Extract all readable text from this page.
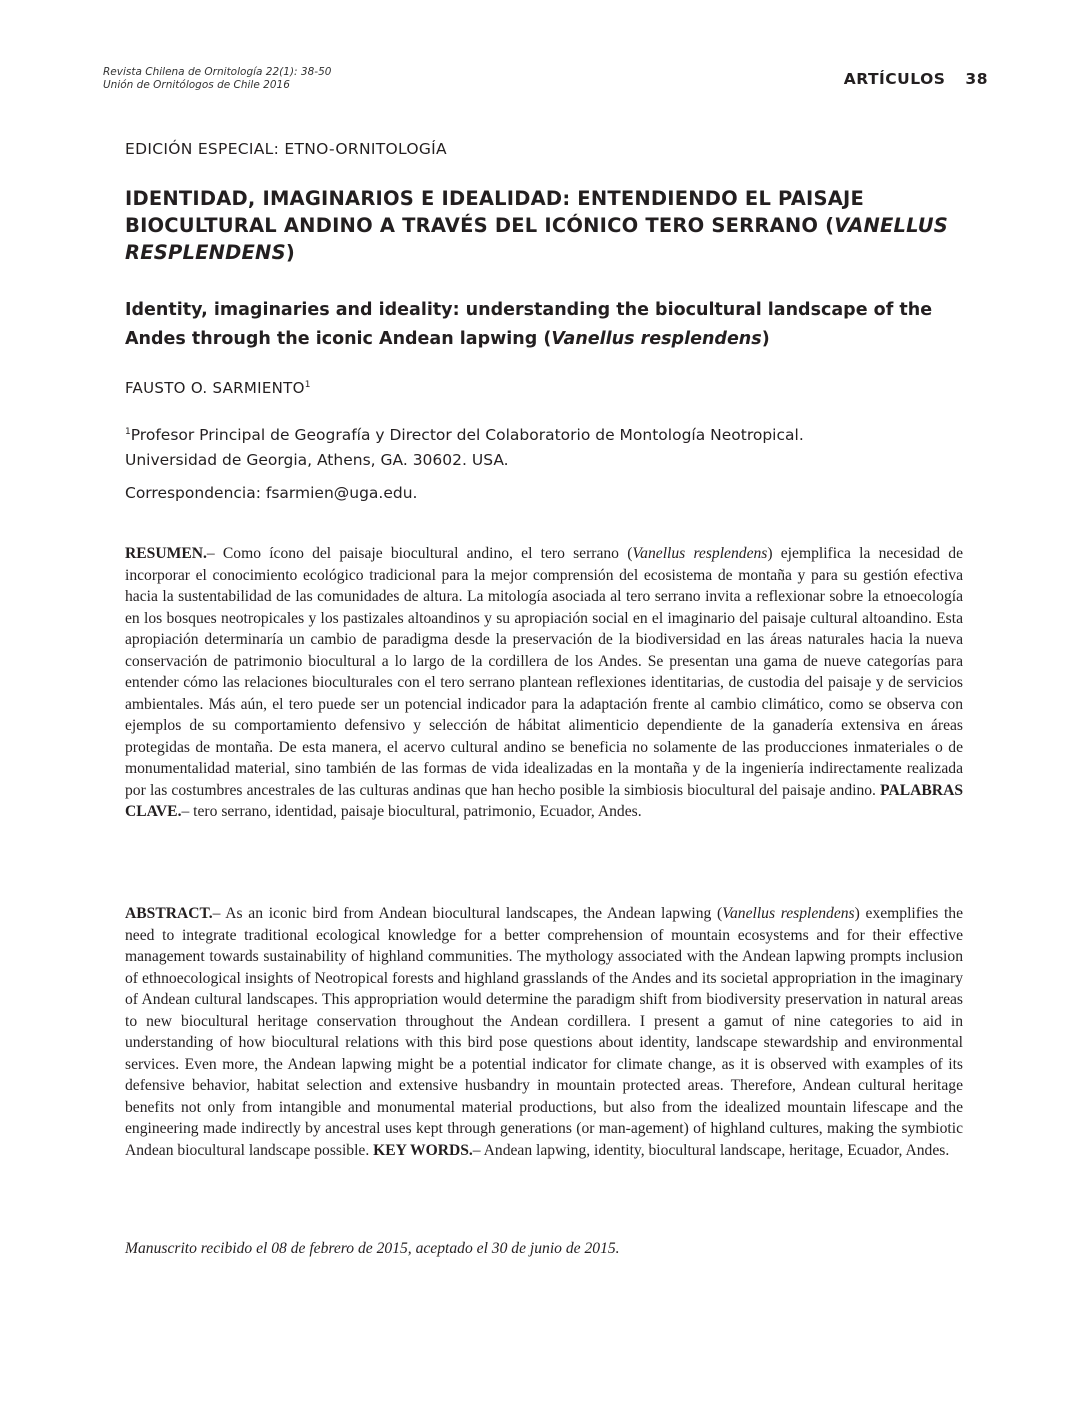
Revista Chilena de Ornitología 22(1): 38-50
Unión de Ornitólogos de Chile 2016	ARTÍCULOS 38
EDICIÓN ESPECIAL: ETNO-ORNITOLOGÍA
IDENTIDAD, IMAGINARIOS E IDEALIDAD: ENTENDIENDO EL PAISAJE BIOCULTURAL ANDINO A TRAVÉS DEL ICÓNICO TERO SERRANO (VANELLUS RESPLENDENS)
Identity, imaginaries and ideality: understanding the biocultural landscape of the Andes through the iconic Andean lapwing (Vanellus resplendens)
FAUSTO O. SARMIENTO$^1$
$^1$Profesor Principal de Geografía y Director del Colaboratorio de Montología Neotropical.
Universidad de Georgia, Athens, GA. 30602. USA.
Correspondencia: fsarmien@uga.edu.
RESUMEN.– Como ícono del paisaje biocultural andino, el tero serrano (Vanellus resplendens) ejemplifica la necesidad de incorporar el conocimiento ecológico tradicional para la mejor comprensión del ecosistema de montaña y para su gestión efectiva hacia la sustentabilidad de las comunidades de altura. La mitología asociada al tero serrano invita a reflexionar sobre la etnoecología en los bosques neotropicales y los pastizales altoandinos y su apropiación social en el imaginario del paisaje cultural altoandino. Esta apropiación determinaría un cambio de paradigma desde la preservación de la biodiversidad en las áreas naturales hacia la nueva conservación de patrimonio biocultural a lo largo de la cordillera de los Andes. Se presentan una gama de nueve categorías para entender cómo las relaciones bioculturales con el tero serrano plantean reflexiones identitarias, de custodia del paisaje y de servicios ambientales. Más aún, el tero puede ser un potencial indicador para la adaptación frente al cambio climático, como se observa con ejemplos de su comportamiento defensivo y selección de hábitat alimenticio dependiente de la ganadería extensiva en áreas protegidas de montaña. De esta manera, el acervo cultural andino se beneficia no solamente de las producciones inmateriales o de monumentalidad material, sino también de las formas de vida idealizadas en la montaña y de la ingeniería indirectamente realizada por las costumbres ancestrales de las culturas andinas que han hecho posible la simbiosis biocultural del paisaje andino. PALABRAS CLAVE.– tero serrano, identidad, paisaje biocultural, patrimonio, Ecuador, Andes.
ABSTRACT.– As an iconic bird from Andean biocultural landscapes, the Andean lapwing (Vanellus resplendens) exemplifies the need to integrate traditional ecological knowledge for a better comprehension of mountain ecosystems and for their effective management towards sustainability of highland communities. The mythology associated with the Andean lapwing prompts inclusion of ethnoecological insights of Neotropical forests and highland grasslands of the Andes and its societal appropriation in the imaginary of Andean cultural landscapes. This appropriation would determine the paradigm shift from biodiversity preservation in natural areas to new biocultural heritage conservation throughout the Andean cordillera. I present a gamut of nine categories to aid in understanding of how biocultural relations with this bird pose questions about identity, landscape stewardship and environmental services. Even more, the Andean lapwing might be a potential indicator for climate change, as it is observed with examples of its defensive behavior, habitat selection and extensive husbandry in mountain protected areas. Therefore, Andean cultural heritage benefits not only from intangible and monumental material productions, but also from the idealized mountain lifescape and the engineering made indirectly by ancestral uses kept through generations (or man-agement) of highland cultures, making the symbiotic Andean biocultural landscape possible. KEY WORDS.– Andean lapwing, identity, biocultural landscape, heritage, Ecuador, Andes.
Manuscrito recibido el 08 de febrero de 2015, aceptado el 30 de junio de 2015.
